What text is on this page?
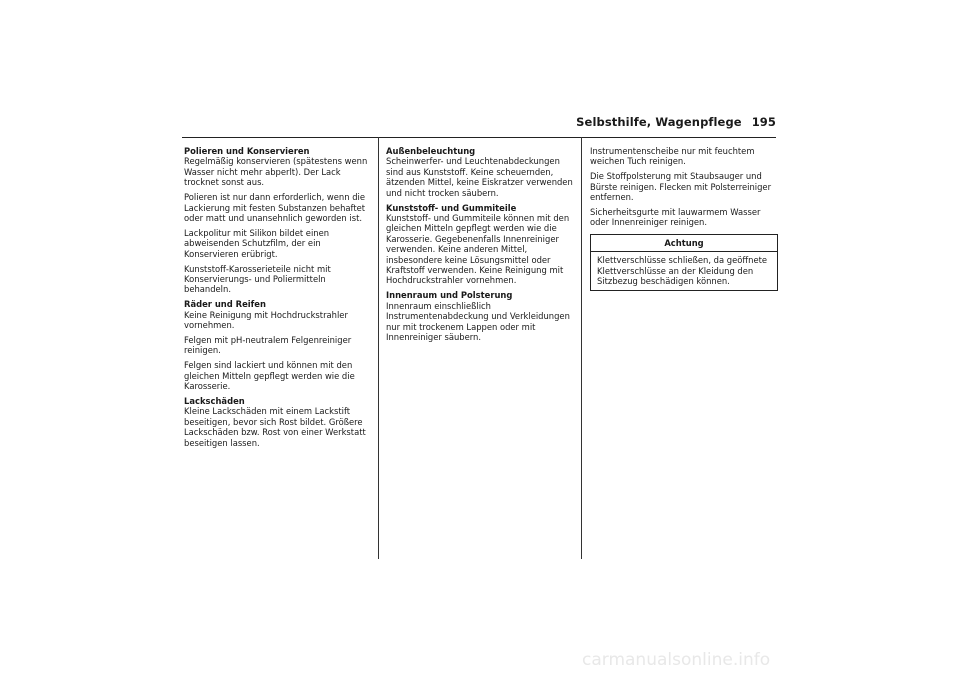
Selbsthilfe, Wagenpflege 195
Polieren und Konservieren

Regelmäßig konservieren (spätestens wenn Wasser nicht mehr abperlt). Der Lack trocknet sonst aus.

Polieren ist nur dann erforderlich, wenn die Lackierung mit festen Substanzen behaftet oder matt und unansehnlich geworden ist.

Lackpolitur mit Silikon bildet einen abweisenden Schutzfilm, der ein Konservieren erübrigt.

Kunststoff-Karosserieteile nicht mit Konservierungs- und Poliermitteln behandeln.

Räder und Reifen

Keine Reinigung mit Hochdruckstrahler vornehmen.

Felgen mit pH-neutralem Felgenreiniger reinigen.

Felgen sind lackiert und können mit den gleichen Mitteln gepflegt werden wie die Karosserie.

Lackschäden

Kleine Lackschäden mit einem Lackstift beseitigen, bevor sich Rost bildet. Größere Lackschäden bzw. Rost von einer Werkstatt beseitigen lassen.

Außenbeleuchtung

Scheinwerfer- und Leuchtenabdeckungen sind aus Kunststoff. Keine scheuernden, ätzenden Mittel, keine Eiskratzer verwenden und nicht trocken säubern.

Kunststoff- und Gummiteile

Kunststoff- und Gummiteile können mit den gleichen Mitteln gepflegt werden wie die Karosserie. Gegebenenfalls Innenreiniger verwenden. Keine anderen Mittel, insbesondere keine Lösungsmittel oder Kraftstoff verwenden. Keine Reinigung mit Hochdruckstrahler vornehmen.

Innenraum und Polsterung

Innenraum einschließlich Instrumentenabdeckung und Verkleidungen nur mit trockenem Lappen oder mit Innenreiniger säubern.

Instrumentenscheibe nur mit feuchtem weichen Tuch reinigen.

Die Stoffpolsterung mit Staubsauger und Bürste reinigen. Flecken mit Polsterreiniger entfernen.

Sicherheitsgurte mit lauwarmem Wasser oder Innenreiniger reinigen.

Achtung
Klettverschlüsse schließen, da geöffnete Klettverschlüsse an der Kleidung den Sitzbezug beschädigen können.
carmanualsonline.info
